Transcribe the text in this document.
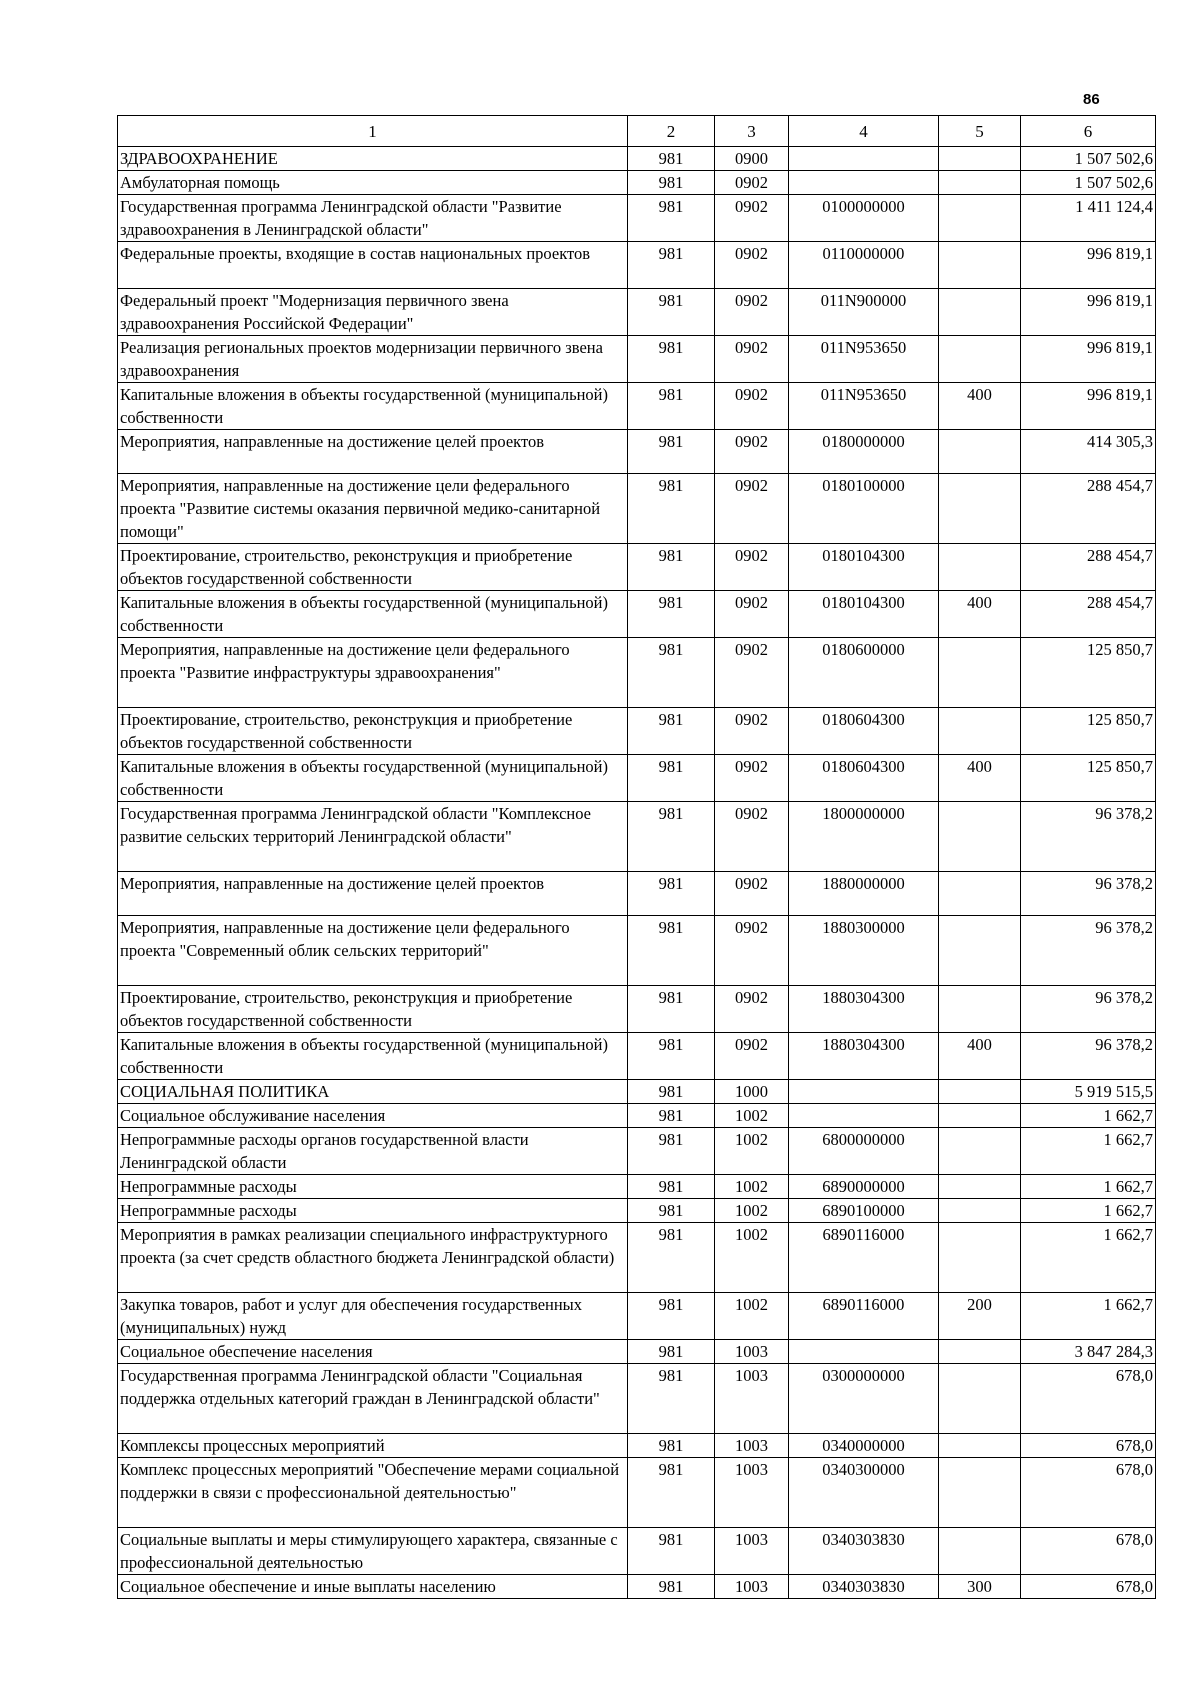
86
1	2	3	4	5	6
ЗДРАВООХРАНЕНИЕ	981	0900			1 507 502,6
Амбулаторная помощь	981	0902			1 507 502,6
Государственная программа Ленинградской области "Развитие здравоохранения в Ленинградской области"	981	0902	0100000000		1 411 124,4
Федеральные проекты, входящие в состав национальных проектов	981	0902	0110000000		996 819,1
Федеральный проект "Модернизация первичного звена здравоохранения Российской Федерации"	981	0902	011N900000		996 819,1
Реализация региональных проектов модернизации первичного звена здравоохранения	981	0902	011N953650		996 819,1
Капитальные вложения в объекты государственной (муниципальной) собственности	981	0902	011N953650	400	996 819,1
Мероприятия, направленные на достижение целей проектов	981	0902	0180000000		414 305,3
Мероприятия, направленные на достижение цели федерального проекта "Развитие системы оказания первичной медико-санитарной помощи"	981	0902	0180100000		288 454,7
Проектирование, строительство, реконструкция и приобретение объектов государственной собственности	981	0902	0180104300		288 454,7
Капитальные вложения в объекты государственной (муниципальной) собственности	981	0902	0180104300	400	288 454,7
Мероприятия, направленные на достижение цели федерального проекта "Развитие инфраструктуры здравоохранения"	981	0902	0180600000		125 850,7
Проектирование, строительство, реконструкция и приобретение объектов государственной собственности	981	0902	0180604300		125 850,7
Капитальные вложения в объекты государственной (муниципальной) собственности	981	0902	0180604300	400	125 850,7
Государственная программа Ленинградской области "Комплексное развитие сельских территорий Ленинградской области"	981	0902	1800000000		96 378,2
Мероприятия, направленные на достижение целей проектов	981	0902	1880000000		96 378,2
Мероприятия, направленные на достижение цели федерального проекта "Современный облик сельских территорий"	981	0902	1880300000		96 378,2
Проектирование, строительство, реконструкция и приобретение объектов государственной собственности	981	0902	1880304300		96 378,2
Капитальные вложения в объекты государственной (муниципальной) собственности	981	0902	1880304300	400	96 378,2
СОЦИАЛЬНАЯ ПОЛИТИКА	981	1000			5 919 515,5
Социальное обслуживание населения	981	1002			1 662,7
Непрограммные расходы органов государственной власти Ленинградской области	981	1002	6800000000		1 662,7
Непрограммные расходы	981	1002	6890000000		1 662,7
Непрограммные расходы	981	1002	6890100000		1 662,7
Мероприятия в рамках реализации специального инфраструктурного проекта (за счет средств областного бюджета Ленинградской области)	981	1002	6890116000		1 662,7
Закупка товаров, работ и услуг для обеспечения государственных (муниципальных) нужд	981	1002	6890116000	200	1 662,7
Социальное обеспечение населения	981	1003			3 847 284,3
Государственная программа Ленинградской области "Социальная поддержка отдельных категорий граждан в Ленинградской области"	981	1003	0300000000		678,0
Комплексы процессных мероприятий	981	1003	0340000000		678,0
Комплекс процессных мероприятий "Обеспечение мерами социальной поддержки в связи с профессиональной деятельностью"	981	1003	0340300000		678,0
Социальные выплаты и меры стимулирующего характера, связанные с профессиональной деятельностью	981	1003	0340303830		678,0
Социальное обеспечение и иные выплаты населению	981	1003	0340303830	300	678,0
